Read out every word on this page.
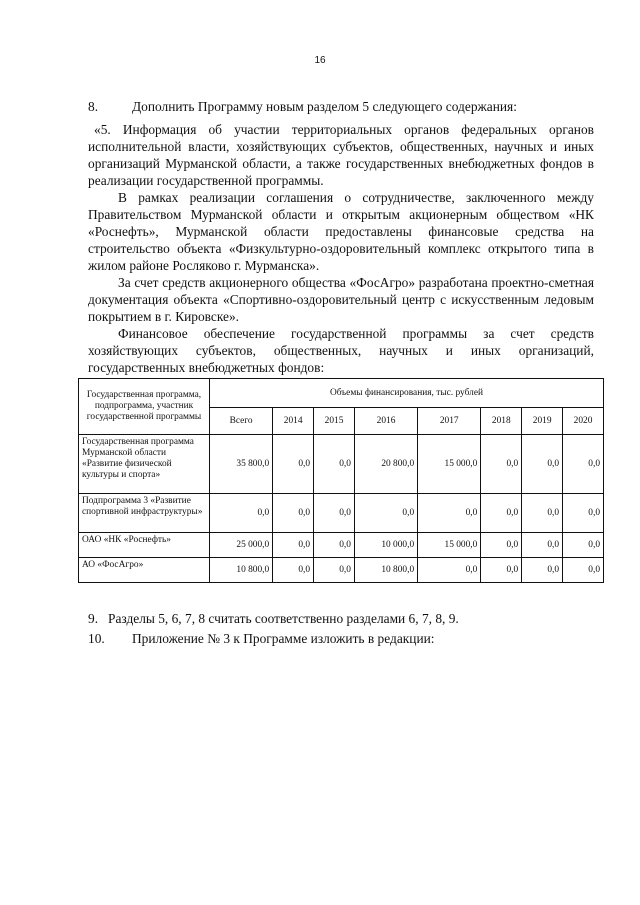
16
8.	Дополнить Программу новым разделом 5 следующего содержания:

«5. Информация об участии территориальных органов федеральных органов исполнительной власти, хозяйствующих субъектов, общественных, научных и иных организаций Мурманской области, а также государственных внебюджетных фондов в реализации государственной программы.

В рамках реализации соглашения о сотрудничестве, заключенного между Правительством Мурманской области и открытым акционерным обществом «НК «Роснефть», Мурманской области предоставлены финансовые средства на строительство объекта «Физкультурно-оздоровительный комплекс открытого типа в жилом районе Росляково г. Мурманска».

За счет средств акционерного общества «ФосАгро» разработана проектно-сметная документация объекта «Спортивно-оздоровительный центр с искусственным ледовым покрытием в г. Кировске».

Финансовое обеспечение государственной программы за счет средств хозяйствующих субъектов, общественных, научных и иных организаций, государственных внебюджетных фондов:

Государственная программа, подпрограмма, участник государственной программы	Объемы финансирования, тыс. рублей							
	Всего	2014	2015	2016	2017	2018	2019	2020
Государственная программа Мурманской области «Развитие физической культуры и спорта»	35 800,0	0,0	0,0	20 800,0	15 000,0	0,0	0,0	0,0
Подпрограмма 3 «Развитие спортивной инфраструктуры»	0,0	0,0	0,0	0,0	0,0	0,0	0,0	0,0
ОАО «НК «Роснефть»	25 000,0	0,0	0,0	10 000,0	15 000,0	0,0	0,0	0,0
АО «ФосАгро»	10 800,0	0,0	0,0	10 800,0	0,0	0,0	0,0	0,0
9. Разделы 5, 6, 7, 8 считать соответственно разделами 6, 7, 8, 9.
10.	Приложение № 3 к Программе изложить в редакции:
